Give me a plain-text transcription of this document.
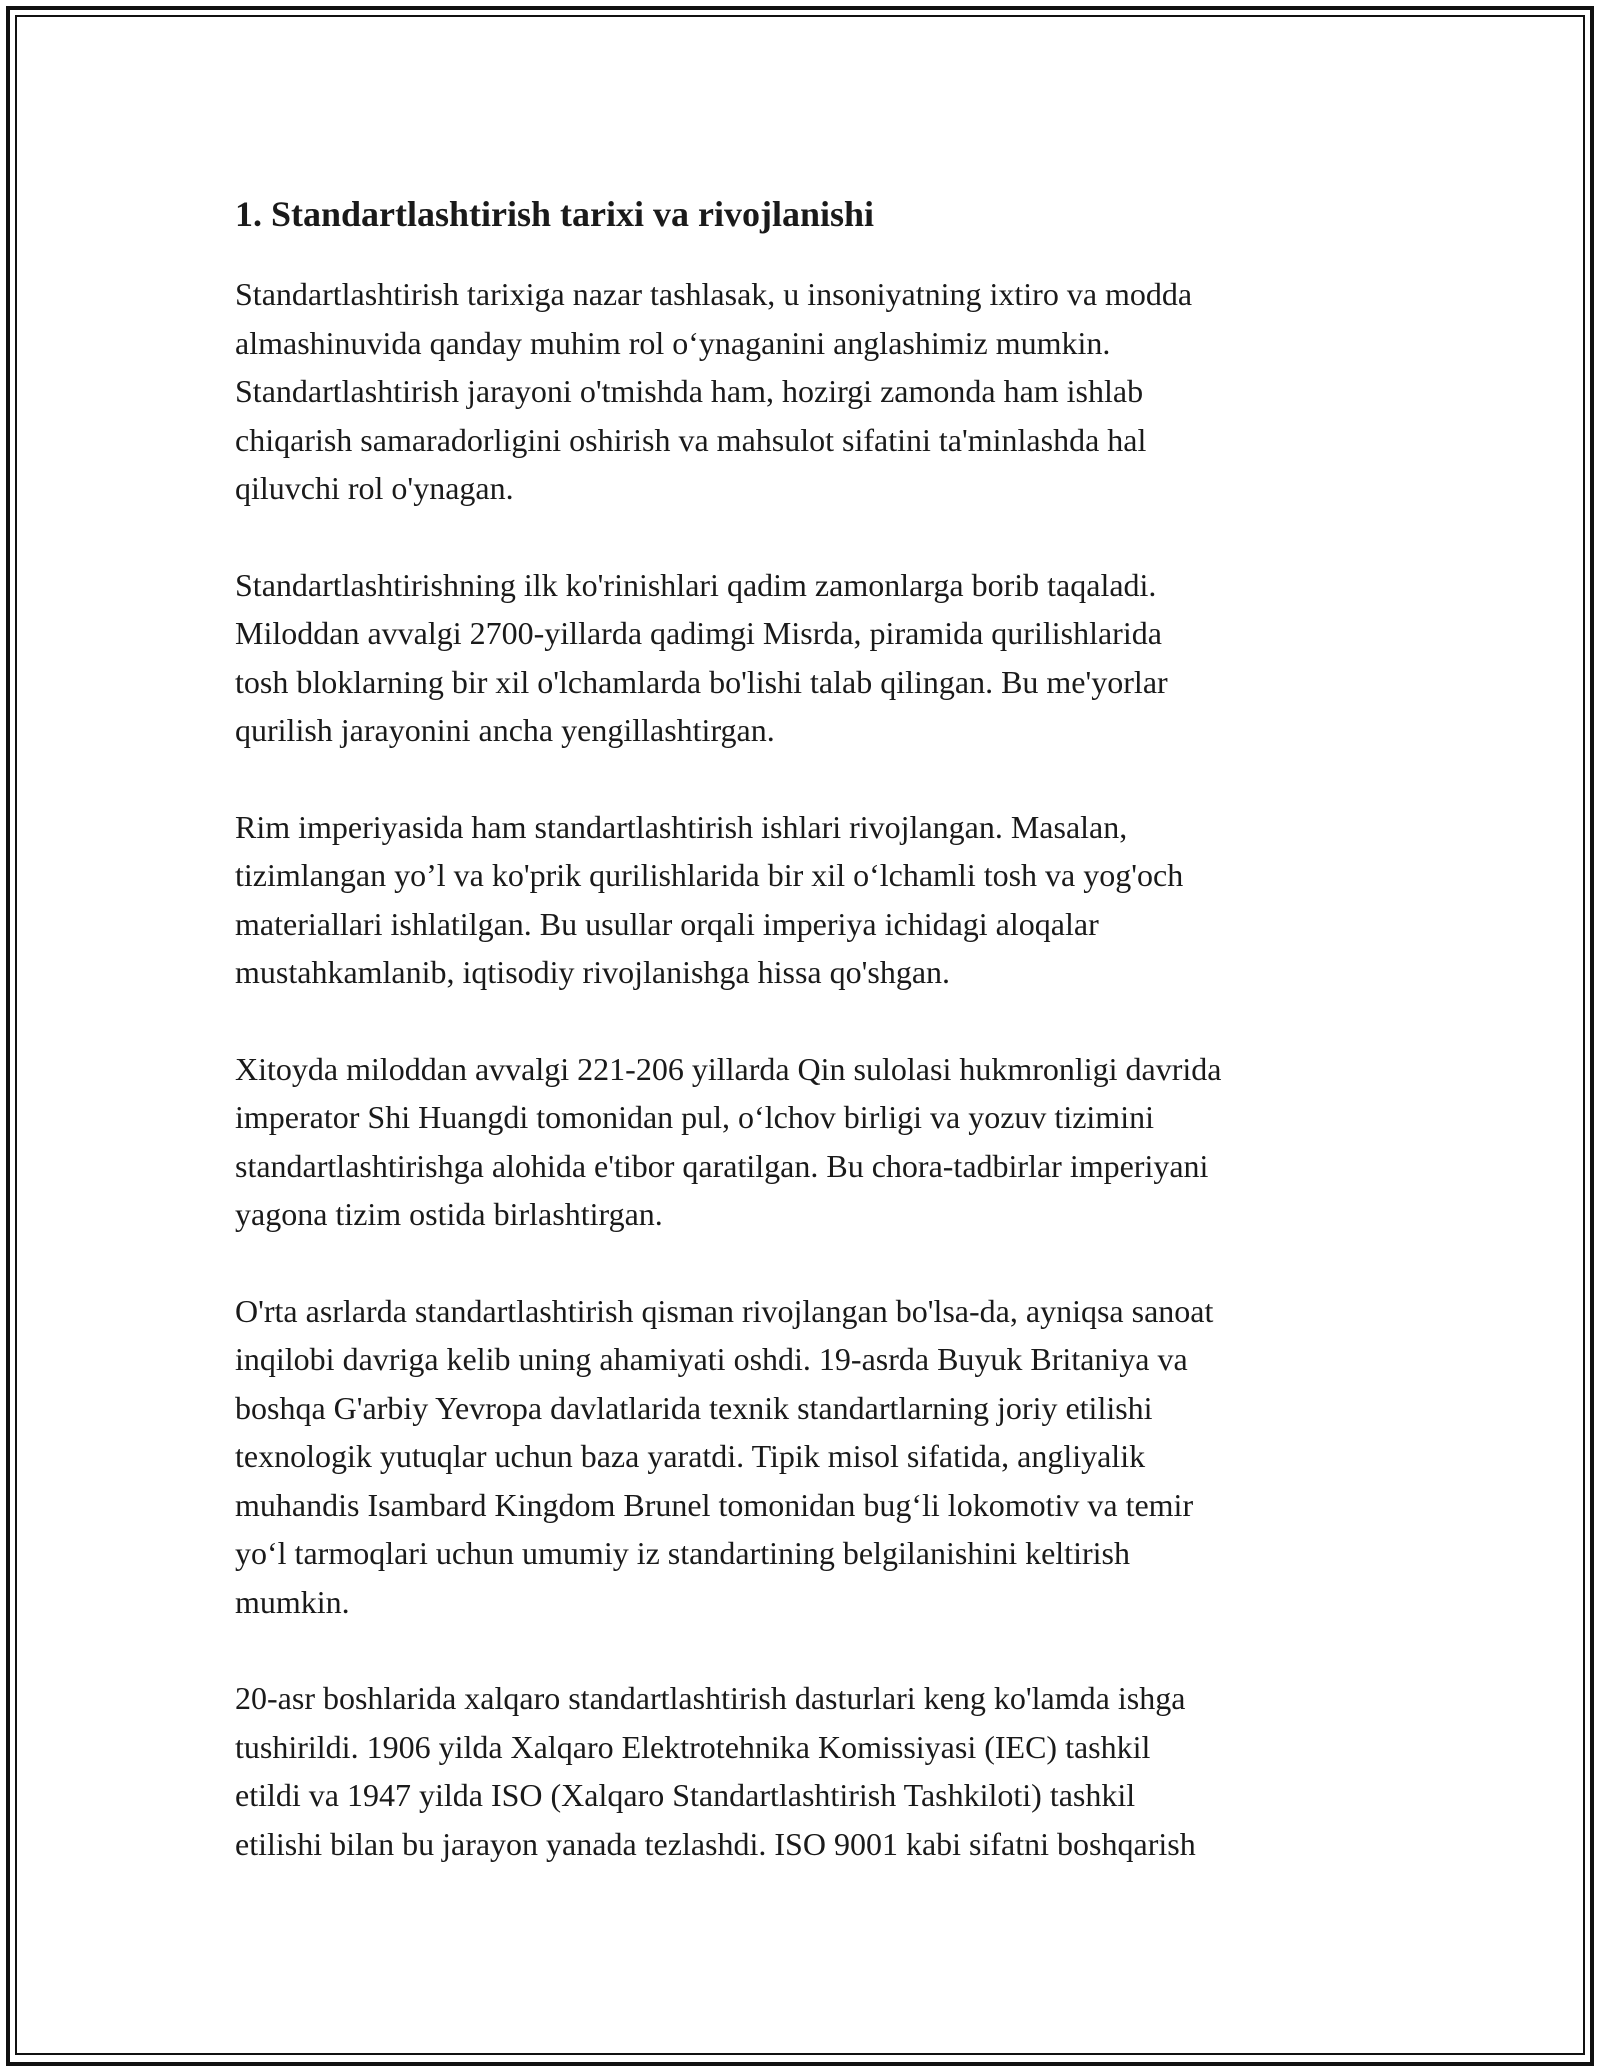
1. Standartlashtirish tarixi va rivojlanishi
Standartlashtirish tarixiga nazar tashlasak, u insoniyatning ixtiro va modda
almashinuvida qanday muhim rol o‘ynaganini anglashimiz mumkin.
Standartlashtirish jarayoni o'tmishda ham, hozirgi zamonda ham ishlab
chiqarish samaradorligini oshirish va mahsulot sifatini ta'minlashda hal
qiluvchi rol o'ynagan.
Standartlashtirishning ilk ko'rinishlari qadim zamonlarga borib taqaladi.
Miloddan avvalgi 2700-yillarda qadimgi Misrda, piramida qurilishlarida
tosh bloklarning bir xil o'lchamlarda bo'lishi talab qilingan. Bu me'yorlar
qurilish jarayonini ancha yengillashtirgan.
Rim imperiyasida ham standartlashtirish ishlari rivojlangan. Masalan,
tizimlangan yo’l va ko'prik qurilishlarida bir xil o‘lchamli tosh va yog'och
materiallari ishlatilgan. Bu usullar orqali imperiya ichidagi aloqalar
mustahkamlanib, iqtisodiy rivojlanishga hissa qo'shgan.
Xitoyda miloddan avvalgi 221-206 yillarda Qin sulolasi hukmronligi davrida
imperator Shi Huangdi tomonidan pul, o‘lchov birligi va yozuv tizimini
standartlashtirishga alohida e'tibor qaratilgan. Bu chora-tadbirlar imperiyani
yagona tizim ostida birlashtirgan.
O'rta asrlarda standartlashtirish qisman rivojlangan bo'lsa-da, ayniqsa sanoat
inqilobi davriga kelib uning ahamiyati oshdi. 19-asrda Buyuk Britaniya va
boshqa G'arbiy Yevropa davlatlarida texnik standartlarning joriy etilishi
texnologik yutuqlar uchun baza yaratdi. Tipik misol sifatida, angliyalik
muhandis Isambard Kingdom Brunel tomonidan bug‘li lokomotiv va temir
yo‘l tarmoqlari uchun umumiy iz standartining belgilanishini keltirish
mumkin.
20-asr boshlarida xalqaro standartlashtirish dasturlari keng ko'lamda ishga
tushirildi. 1906 yilda Xalqaro Elektrotehnika Komissiyasi (IEC) tashkil
etildi va 1947 yilda ISO (Xalqaro Standartlashtirish Tashkiloti) tashkil
etilishi bilan bu jarayon yanada tezlashdi. ISO 9001 kabi sifatni boshqarish
